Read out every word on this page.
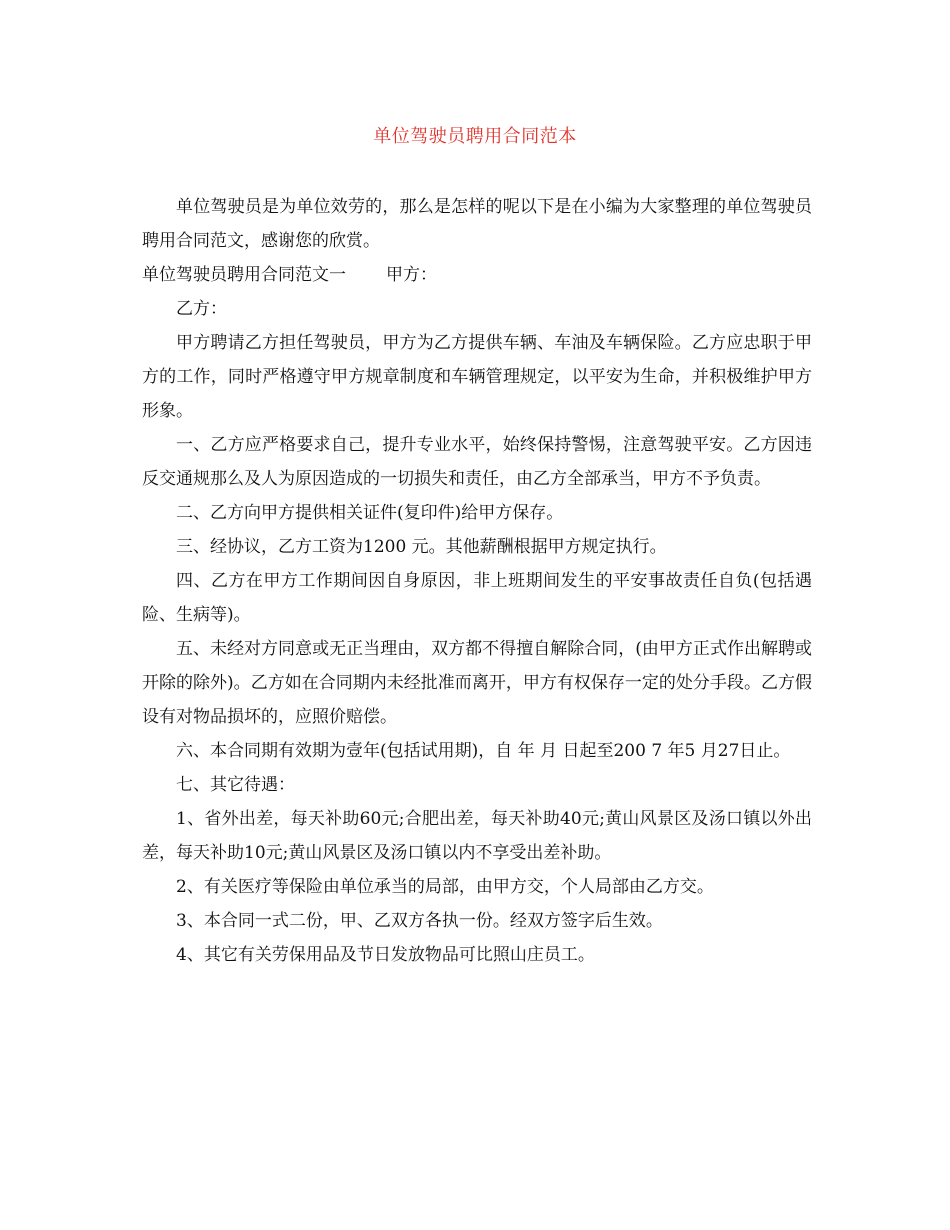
单位驾驶员聘用合同范本

单位驾驶员是为单位效劳的，那么是怎样的呢以下是在小编为大家整理的单位驾驶员聘用合同范文，感谢您的欣赏。

单位驾驶员聘用合同范文一 甲方：

乙方：

甲方聘请乙方担任驾驶员，甲方为乙方提供车辆、车油及车辆保险。乙方应忠职于甲方的工作，同时严格遵守甲方规章制度和车辆管理规定，以平安为生命，并积极维护甲方形象。

一、乙方应严格要求自己，提升专业水平，始终保持警惕，注意驾驶平安。乙方因违反交通规那么及人为原因造成的一切损失和责任，由乙方全部承当，甲方不予负责。

二、乙方向甲方提供相关证件(复印件)给甲方保存。

三、经协议，乙方工资为1200 元。其他薪酬根据甲方规定执行。

四、乙方在甲方工作期间因自身原因，非上班期间发生的平安事故责任自负(包括遇险、生病等)。

五、未经对方同意或无正当理由，双方都不得擅自解除合同，(由甲方正式作出解聘或开除的除外)。乙方如在合同期内未经批准而离开，甲方有权保存一定的处分手段。乙方假设有对物品损坏的，应照价赔偿。

六、本合同期有效期为壹年(包括试用期)，自 年 月 日起至200 7 年5 月27日止。

七、其它待遇：

1、省外出差，每天补助60元;合肥出差，每天补助40元;黄山风景区及汤口镇以外出差，每天补助10元;黄山风景区及汤口镇以内不享受出差补助。

2、有关医疗等保险由单位承当的局部，由甲方交，个人局部由乙方交。

3、本合同一式二份，甲、乙双方各执一份。经双方签字后生效。

4、其它有关劳保用品及节日发放物品可比照山庄员工。
